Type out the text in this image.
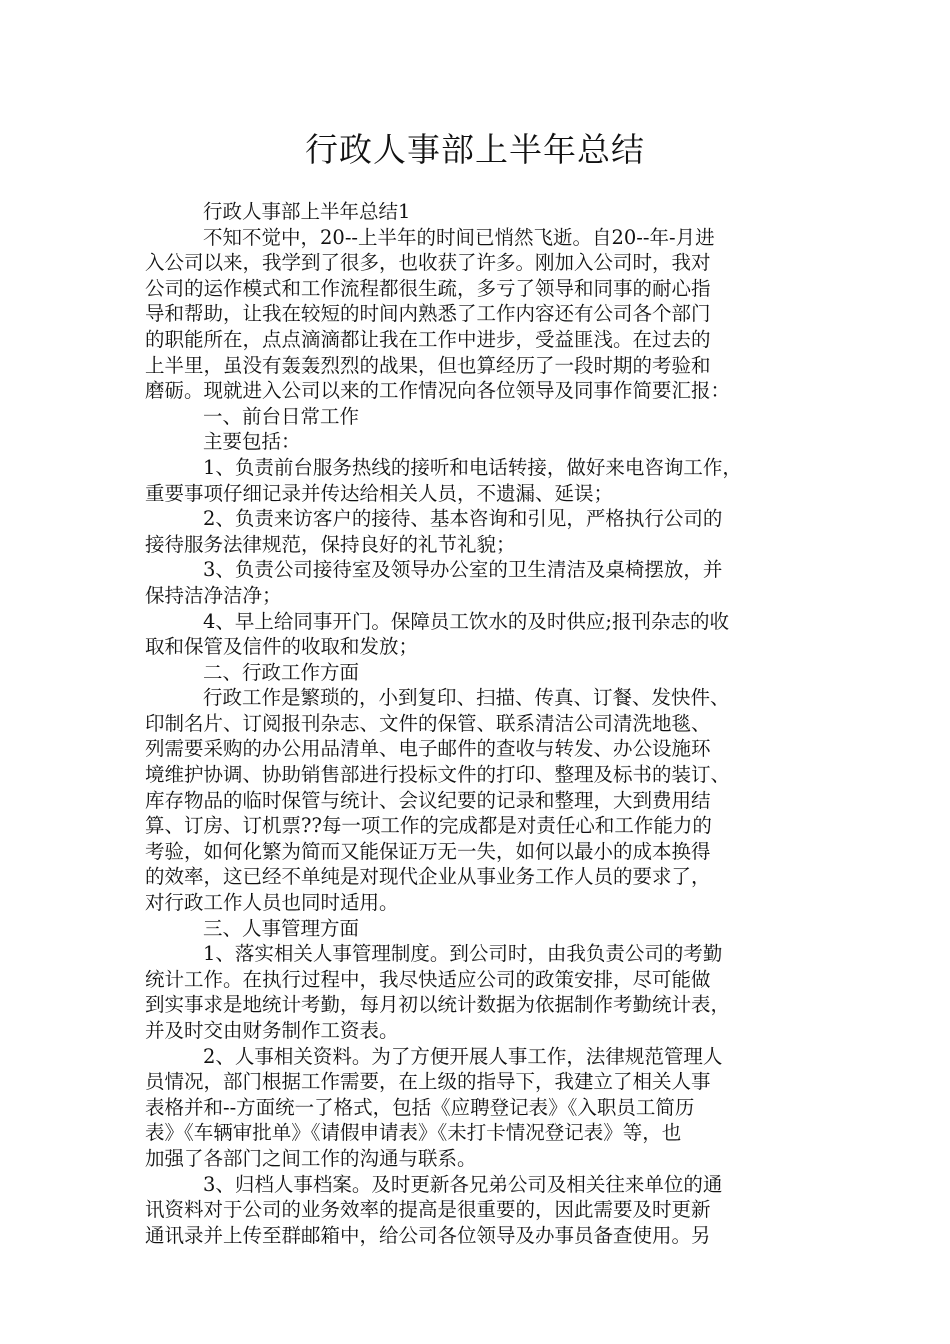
行政人事部上半年总结
行政人事部上半年总结1
不知不觉中，20--上半年的时间已悄然飞逝。自20--年-月进
入公司以来，我学到了很多，也收获了许多。刚加入公司时，我对
公司的运作模式和工作流程都很生疏，多亏了领导和同事的耐心指
导和帮助，让我在较短的时间内熟悉了工作内容还有公司各个部门
的职能所在，点点滴滴都让我在工作中进步，受益匪浅。在过去的
上半里，虽没有轰轰烈烈的战果，但也算经历了一段时期的考验和
磨砺。现就进入公司以来的工作情况向各位领导及同事作简要汇报：
一、前台日常工作
主要包括：
1、负责前台服务热线的接听和电话转接，做好来电咨询工作，
重要事项仔细记录并传达给相关人员，不遗漏、延误；
2、负责来访客户的接待、基本咨询和引见，严格执行公司的
接待服务法律规范，保持良好的礼节礼貌；
3、负责公司接待室及领导办公室的卫生清洁及桌椅摆放，并
保持洁净洁净；
4、早上给同事开门。保障员工饮水的及时供应;报刊杂志的收
取和保管及信件的收取和发放；
二、行政工作方面
行政工作是繁琐的，小到复印、扫描、传真、订餐、发快件、
印制名片、订阅报刊杂志、文件的保管、联系清洁公司清洗地毯、
列需要采购的办公用品清单、电子邮件的查收与转发、办公设施环
境维护协调、协助销售部进行投标文件的打印、整理及标书的装订、
库存物品的临时保管与统计、会议纪要的记录和整理，大到费用结
算、订房、订机票??每一项工作的完成都是对责任心和工作能力的
考验，如何化繁为简而又能保证万无一失，如何以最小的成本换得
的效率，这已经不单纯是对现代企业从事业务工作人员的要求了，
对行政工作人员也同时适用。
三、人事管理方面
1、落实相关人事管理制度。到公司时，由我负责公司的考勤
统计工作。在执行过程中，我尽快适应公司的政策安排，尽可能做
到实事求是地统计考勤，每月初以统计数据为依据制作考勤统计表，
并及时交由财务制作工资表。
2、人事相关资料。为了方便开展人事工作，法律规范管理人
员情况，部门根据工作需要，在上级的指导下，我建立了相关人事
表格并和--方面统一了格式，包括《应聘登记表》《入职员工简历
表》《车辆审批单》《请假申请表》《未打卡情况登记表》等，也
加强了各部门之间工作的沟通与联系。
3、归档人事档案。及时更新各兄弟公司及相关往来单位的通
讯资料对于公司的业务效率的提高是很重要的，因此需要及时更新
通讯录并上传至群邮箱中，给公司各位领导及办事员备查使用。另
